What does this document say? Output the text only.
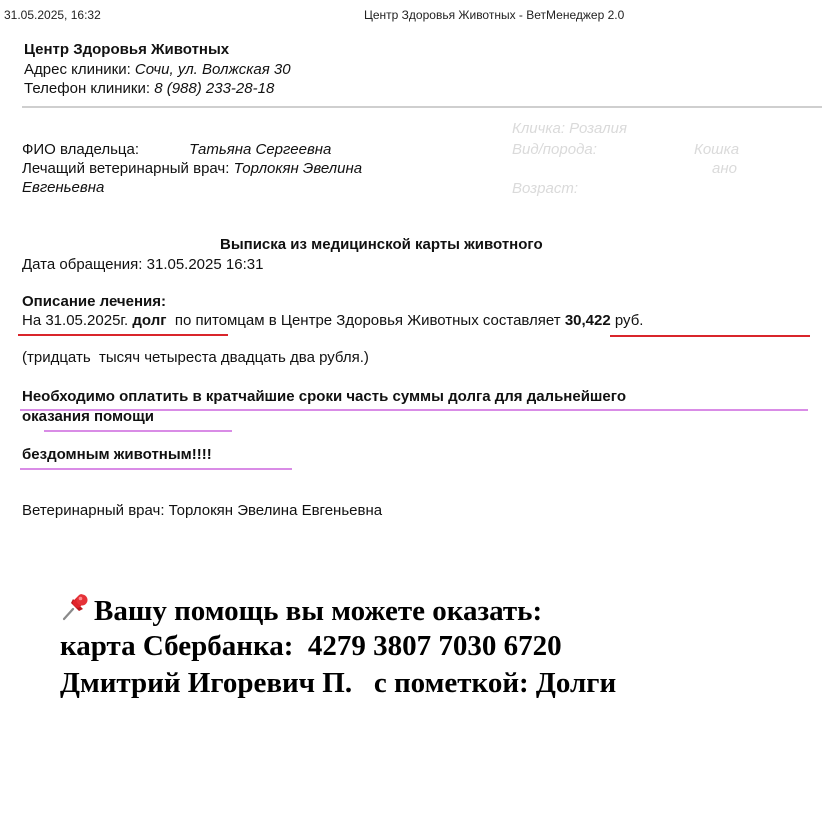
31.05.2025, 16:32	Центр Здоровья Животных - ВетМенеджер 2.0
Центр Здоровья Животных
Адрес клиники: Сочи, ул. Волжская 30
Телефон клиники: 8 (988) 233-28-18
Кличка: Розалия
Вид/порода:	Кошка
Возраст:
ано
ФИО владельца:	Татьяна Сергеевна
Лечащий ветеринарный врач: Торлокян Эвелина
Евгеньевна
Выписка из медицинской карты животного
Дата обращения: 31.05.2025 16:31
Описание лечения:
На 31.05.2025г. долг  по питомцам в Центре Здоровья Животных составляет 30,422 руб.
(тридцать  тысяч четыреста двадцать два рубля.)
Необходимо оплатить в кратчайшие сроки часть суммы долга для дальнейшего
оказания помощи
бездомным животным!!!!
Ветеринарный врач: Торлокян Эвелина Евгеньевна
Вашу помощь вы можете оказать:
карта Сбербанка:  4279 3807 7030 6720
Дмитрий Игоревич П.   с пометкой: Долги
